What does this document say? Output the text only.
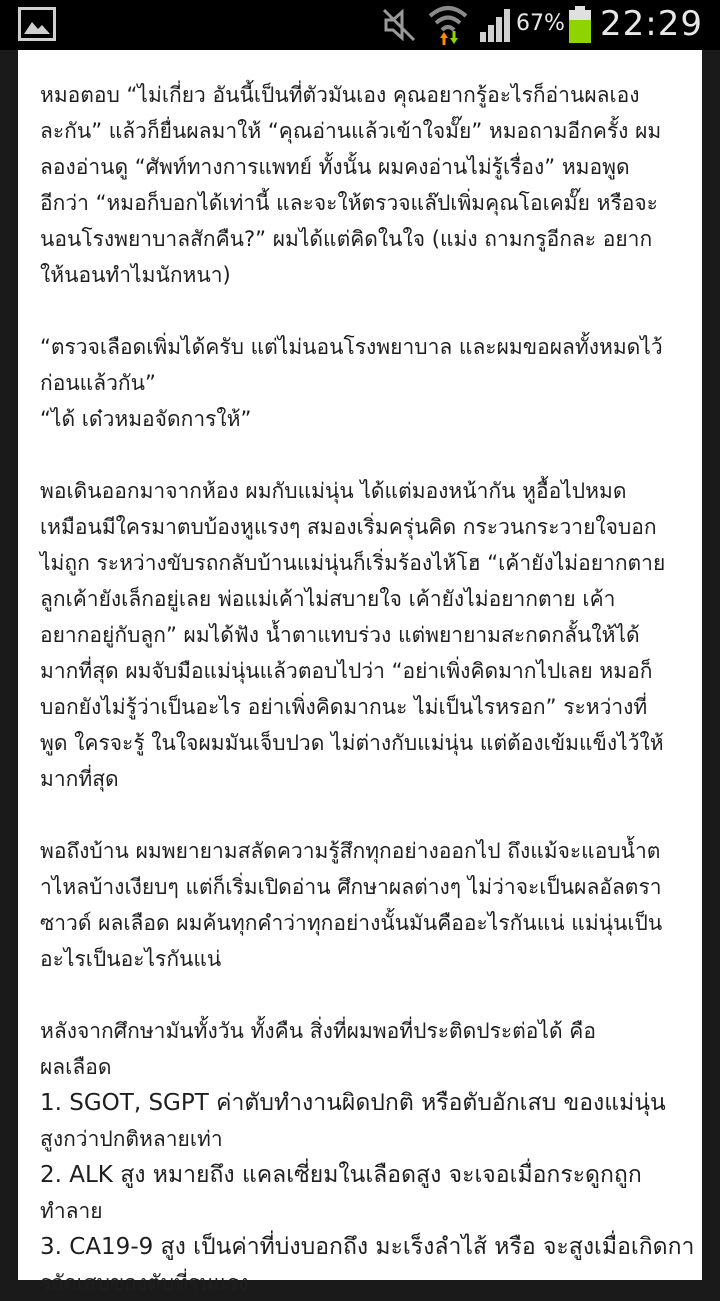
67% 22:29
หมอตอบ “ไม่เกี่ยว อันนี้เป็นที่ตัวมันเอง คุณอยากรู้อะไรก็อ่านผลเอง
ละกัน” แล้วก็ยื่นผลมาให้ “คุณอ่านแล้วเข้าใจมั๊ย” หมอถามอีกครั้ง ผม
ลองอ่านดู “ศัพท์ทางการแพทย์ ทั้งนั้น ผมคงอ่านไม่รู้เรื่อง” หมอพูด
อีกว่า “หมอก็บอกได้เท่านี้ และจะให้ตรวจแล๊ปเพิ่มคุณโอเคมั๊ย หรือจะ
นอนโรงพยาบาลสักคืน?” ผมได้แต่คิดในใจ (แม่ง ถามกรูอีกละ อยาก
ให้นอนทำไมนักหนา)
“ตรวจเลือดเพิ่มได้ครับ แต่ไม่นอนโรงพยาบาล และผมขอผลทั้งหมดไว้
ก่อนแล้วกัน”
“ได้ เด๋วหมอจัดการให้”
พอเดินออกมาจากห้อง ผมกับแม่นุ่น ได้แต่มองหน้ากัน หูอื้อไปหมด
เหมือนมีใครมาตบบ้องหูแรงๆ สมองเริ่มครุ่นคิด กระวนกระวายใจบอก
ไม่ถูก ระหว่างขับรถกลับบ้านแม่นุ่นก็เริ่มร้องไห้โฮ “เค้ายังไม่อยากตาย
ลูกเค้ายังเล็กอยู่เลย พ่อแม่เค้าไม่สบายใจ เค้ายังไม่อยากตาย เค้า
อยากอยู่กับลูก” ผมได้ฟัง น้ำตาแทบร่วง แต่พยายามสะกดกลั้นให้ได้
มากที่สุด ผมจับมือแม่นุ่นแล้วตอบไปว่า “อย่าเพิ่งคิดมากไปเลย หมอก็
บอกยังไม่รู้ว่าเป็นอะไร อย่าเพิ่งคิดมากนะ ไม่เป็นไรหรอก” ระหว่างที่
พูด ใครจะรู้ ในใจผมมันเจ็บปวด ไม่ต่างกับแม่นุ่น แต่ต้องเข้มแข็งไว้ให้
มากที่สุด
พอถึงบ้าน ผมพยายามสลัดความรู้สึกทุกอย่างออกไป ถึงแม้จะแอบน้ำต
าไหลบ้างเงียบๆ แต่ก็เริ่มเปิดอ่าน ศึกษาผลต่างๆ ไม่ว่าจะเป็นผลอัลตรา
ซาวด์ ผลเลือด ผมค้นทุกคำว่าทุกอย่างนั้นมันคืออะไรกันแน่ แม่นุ่นเป็น
อะไรเป็นอะไรกันแน่
หลังจากศึกษามันทั้งวัน ทั้งคืน สิ่งที่ผมพอที่ประติดประต่อได้ คือ
ผลเลือด
1. SGOT, SGPT ค่าตับทำงานผิดปกติ หรือตับอักเสบ ของแม่นุ่น
สูงกว่าปกติหลายเท่า
2. ALK สูง หมายถึง แคลเซี่ยมในเลือดสูง จะเจอเมื่อกระดูกถูก
ทำลาย
3. CA19-9 สูง เป็นค่าที่บ่งบอกถึง มะเร็งลำไส้ หรือ จะสูงเมื่อเกิดกา
รอักเสบของตับที่รุนแรง
